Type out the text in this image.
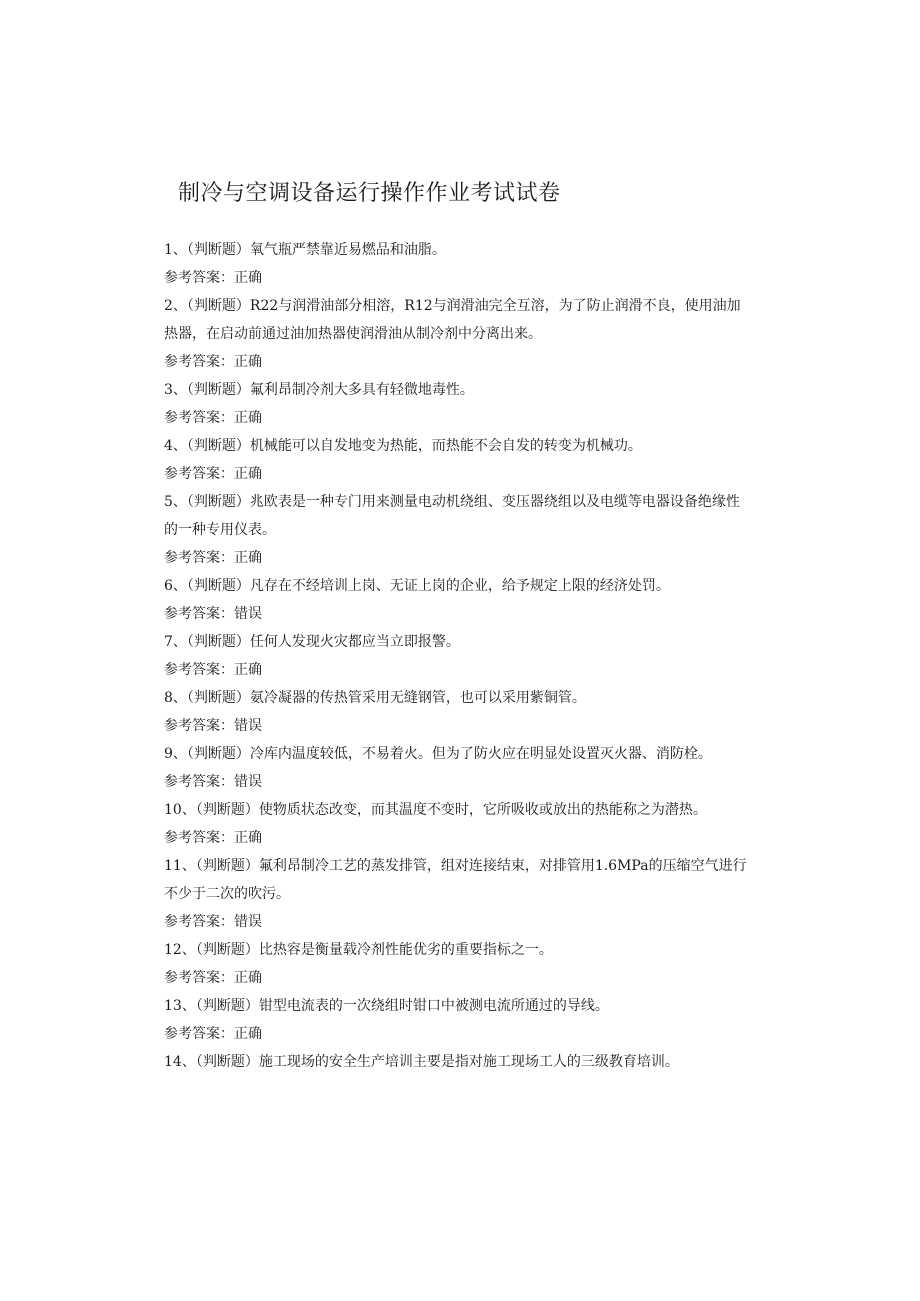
制冷与空调设备运行操作作业考试试卷

1、（判断题）氧气瓶严禁靠近易燃品和油脂。

参考答案：正确

2、（判断题）R22与润滑油部分相溶，R12与润滑油完全互溶，为了防止润滑不良，使用油加热器，在启动前通过油加热器使润滑油从制冷剂中分离出来。

参考答案：正确

3、（判断题）氟利昂制冷剂大多具有轻微地毒性。

参考答案：正确

4、（判断题）机械能可以自发地变为热能，而热能不会自发的转变为机械功。

参考答案：正确

5、（判断题）兆欧表是一种专门用来测量电动机绕组、变压器绕组以及电缆等电器设备绝缘性的一种专用仪表。

参考答案：正确

6、（判断题）凡存在不经培训上岗、无证上岗的企业，给予规定上限的经济处罚。

参考答案：错误

7、（判断题）任何人发现火灾都应当立即报警。

参考答案：正确

8、（判断题）氨冷凝器的传热管采用无缝钢管，也可以采用紫铜管。

参考答案：错误

9、（判断题）冷库内温度较低，不易着火。但为了防火应在明显处设置灭火器、消防栓。

参考答案：错误

10、（判断题）使物质状态改变，而其温度不变时，它所吸收或放出的热能称之为潜热。

参考答案：正确

11、（判断题）氟利昂制冷工艺的蒸发排管，组对连接结束，对排管用1.6MPa的压缩空气进行不少于二次的吹污。

参考答案：错误

12、（判断题）比热容是衡量载冷剂性能优劣的重要指标之一。

参考答案：正确

13、（判断题）钳型电流表的一次绕组时钳口中被测电流所通过的导线。

参考答案：正确

14、（判断题）施工现场的安全生产培训主要是指对施工现场工人的三级教育培训。
